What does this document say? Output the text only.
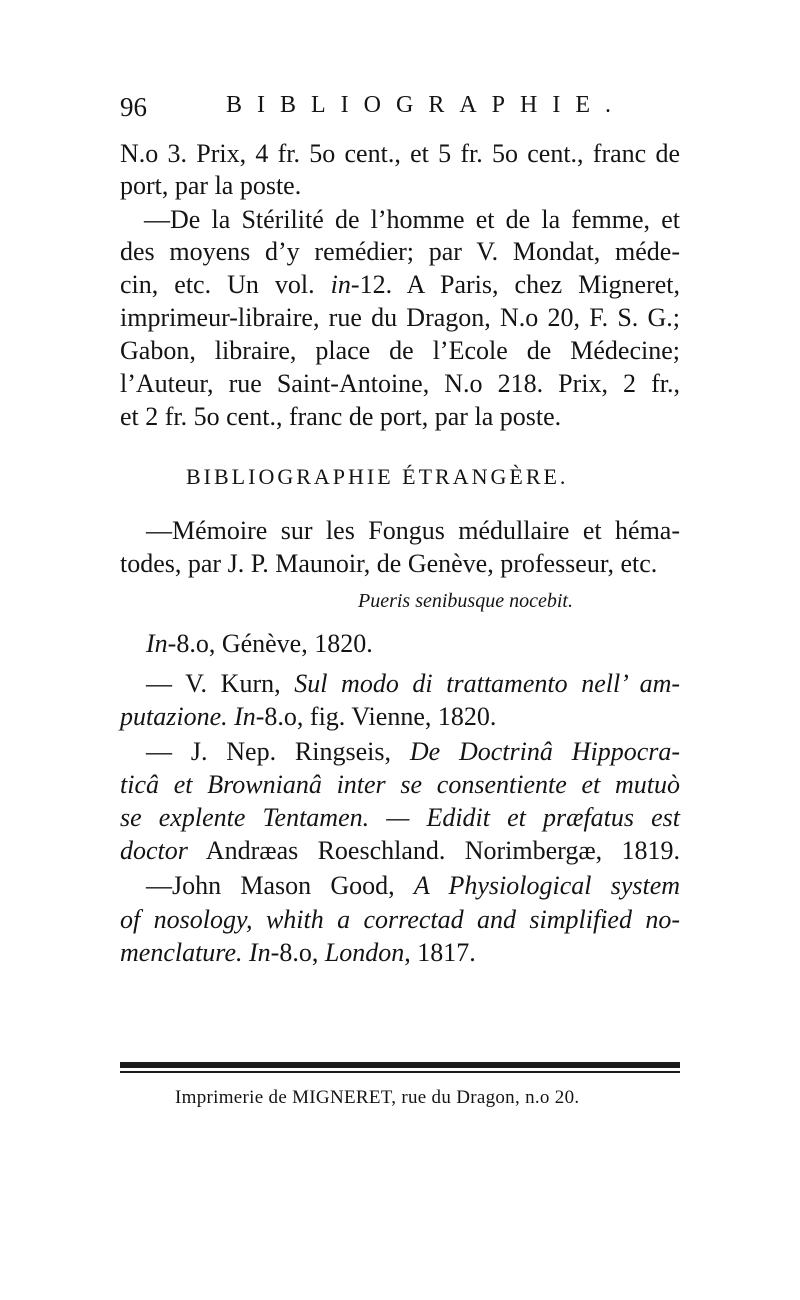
96	BIBLIOGRAPHIE.
N.o 3. Prix, 4 fr. 5o cent., et 5 fr. 5o cent., franc de
port, par la poste.
—De la Stérilité de l’homme et de la femme, et
des moyens d’y remédier; par V. Mondat, méde-
cin, etc. Un vol. in-12. A Paris, chez Migneret,
imprimeur-libraire, rue du Dragon, N.o 20, F. S. G.;
Gabon, libraire, place de l’Ecole de Médecine;
l’Auteur, rue Saint-Antoine, N.o 218. Prix, 2 fr.,
et 2 fr. 5o cent., franc de port, par la poste.
BIBLIOGRAPHIE ÉTRANGÈRE.
—Mémoire sur les Fongus médullaire et héma-
todes, par J. P. Maunoir, de Genève, professeur, etc.
Pueris senibusque nocebit.
In-8.o, Génève, 1820.
— V. Kurn, Sul modo di trattamento nell’ am-
putazione. In-8.o, fig. Vienne, 1820.
— J. Nep. Ringseis, De Doctrinâ Hippocra-
ticâ et Brownianâ inter se consentiente et mutuò
se explente Tentamen. — Edidit et præfatus est
doctor Andræas Roeschland. Norimbergæ, 1819.
—John Mason Good, A Physiological system
of nosology, whith a correctad and simplified no-
menclature. In-8.o, London, 1817.
Imprimerie de MIGNERET, rue du Dragon, n.o 20.
